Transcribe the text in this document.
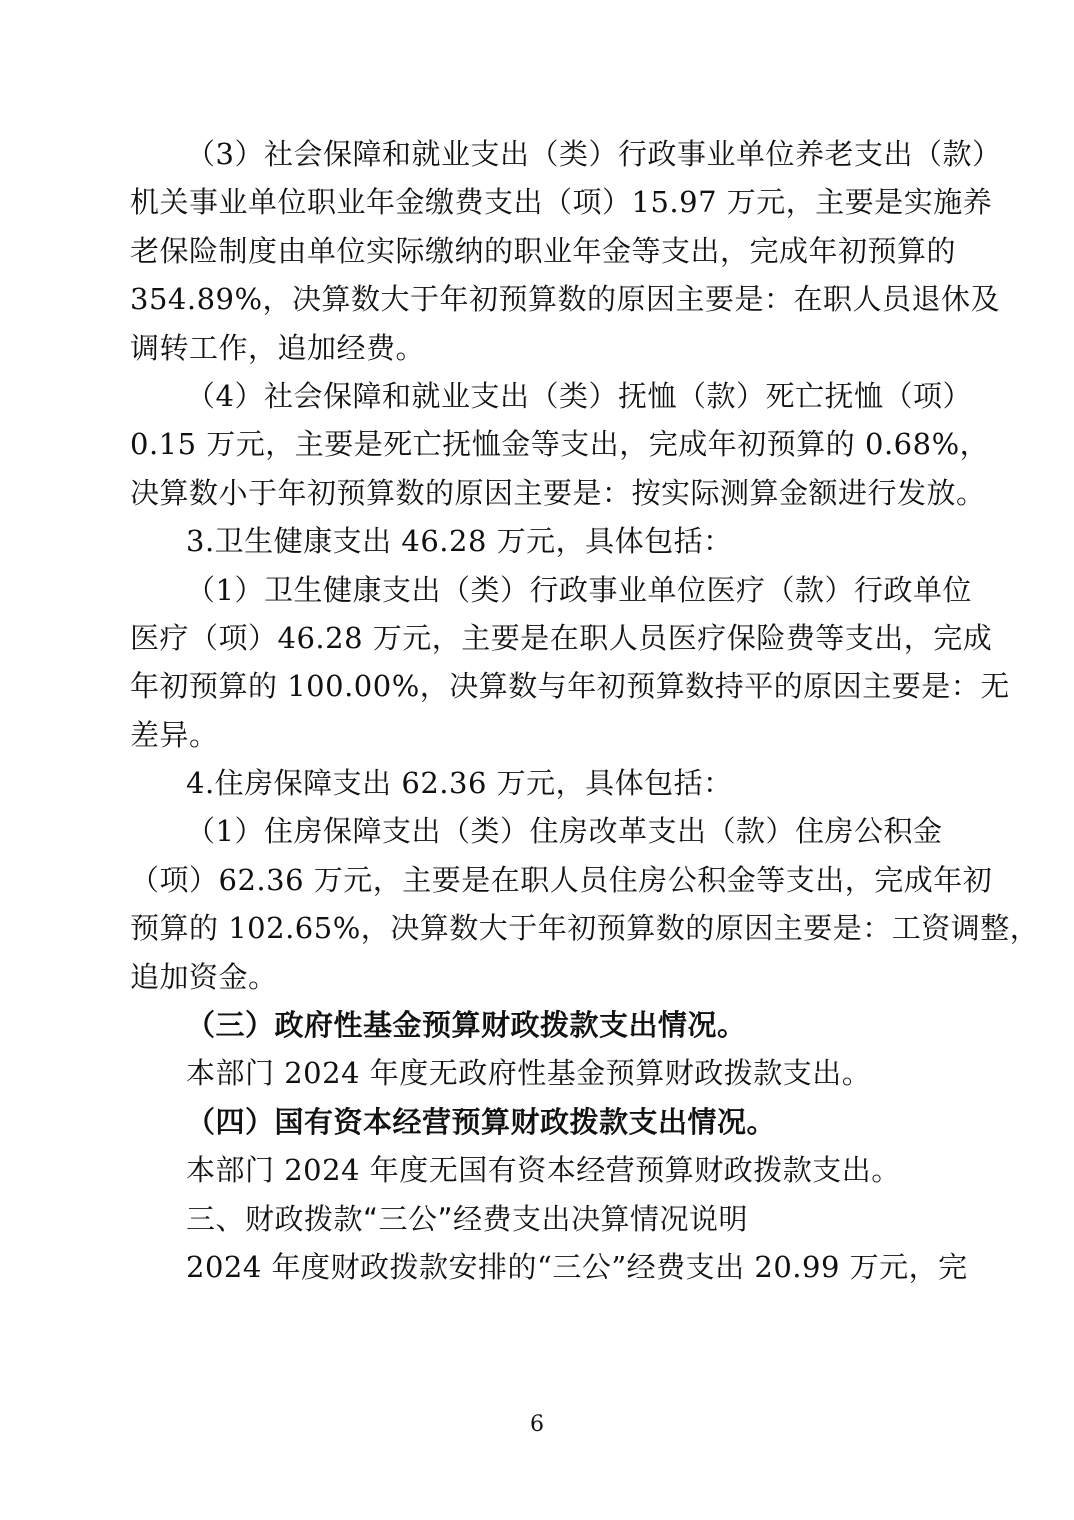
（3）社会保障和就业支出（类）行政事业单位养老支出（款）
机关事业单位职业年金缴费支出（项）15.97 万元，主要是实施养
老保险制度由单位实际缴纳的职业年金等支出，完成年初预算的
354.89%，决算数大于年初预算数的原因主要是：在职人员退休及
调转工作，追加经费。
（4）社会保障和就业支出（类）抚恤（款）死亡抚恤（项）
0.15 万元，主要是死亡抚恤金等支出，完成年初预算的 0.68%，
决算数小于年初预算数的原因主要是：按实际测算金额进行发放。
3.卫生健康支出 46.28 万元，具体包括：
（1）卫生健康支出（类）行政事业单位医疗（款）行政单位
医疗（项）46.28 万元，主要是在职人员医疗保险费等支出，完成
年初预算的 100.00%，决算数与年初预算数持平的原因主要是：无
差异。
4.住房保障支出 62.36 万元，具体包括：
（1）住房保障支出（类）住房改革支出（款）住房公积金
（项）62.36 万元，主要是在职人员住房公积金等支出，完成年初
预算的 102.65%，决算数大于年初预算数的原因主要是：工资调整，
追加资金。
（三）政府性基金预算财政拨款支出情况。
本部门 2024 年度无政府性基金预算财政拨款支出。
（四）国有资本经营预算财政拨款支出情况。
本部门 2024 年度无国有资本经营预算财政拨款支出。
三、财政拨款“三公”经费支出决算情况说明
2024 年度财政拨款安排的“三公”经费支出 20.99 万元，完
6
